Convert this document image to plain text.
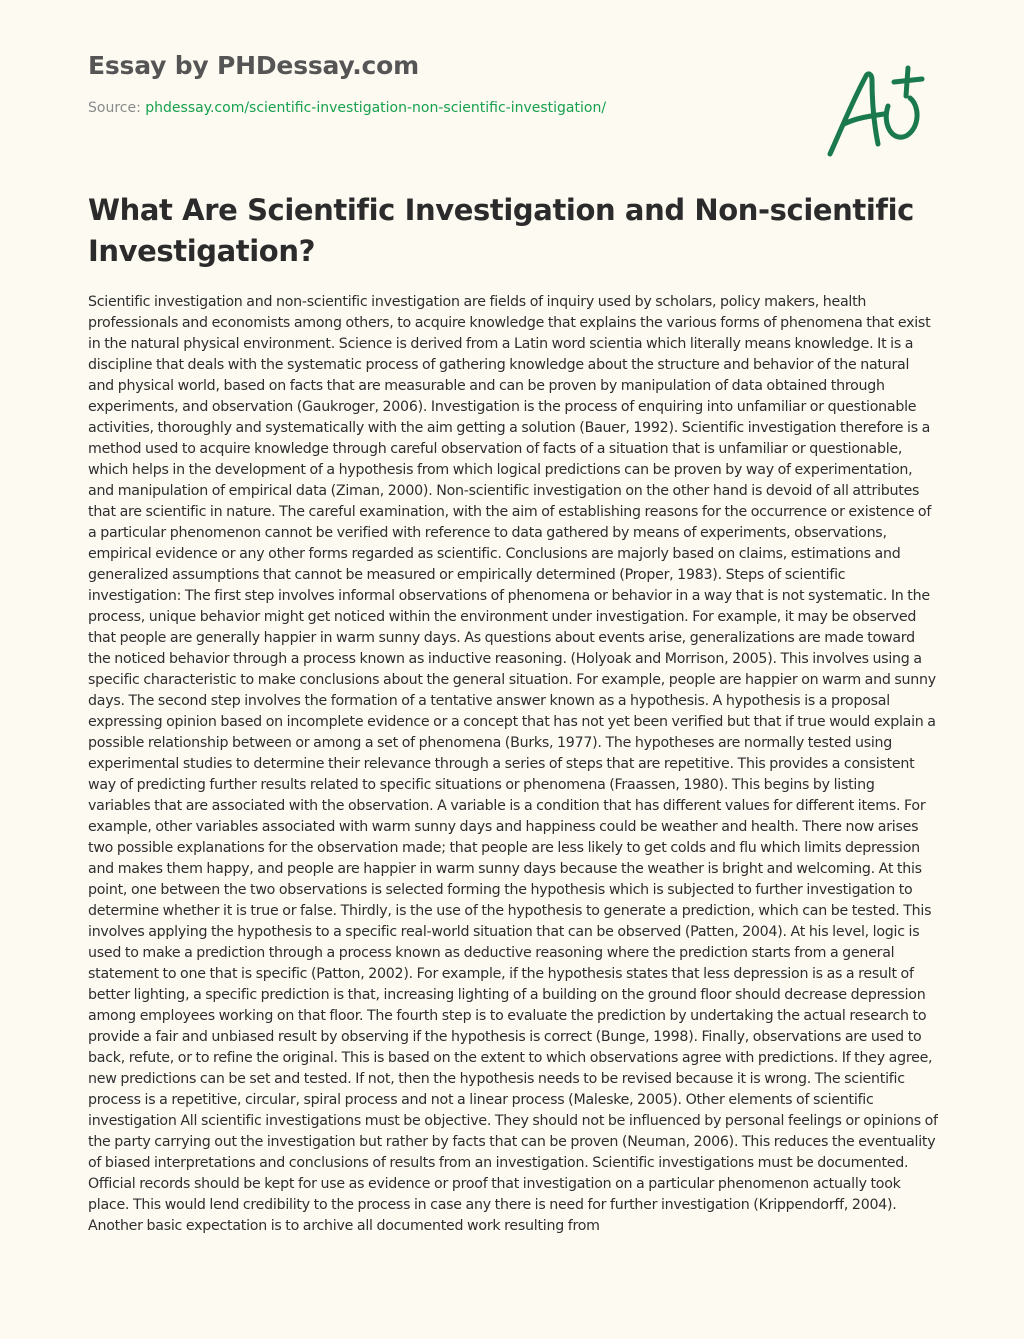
Essay by PHDessay.com
Source: phdessay.com/scientific-investigation-non-scientific-investigation/
What Are Scientific Investigation and Non-scientific Investigation?

Scientific investigation and non-scientific investigation are fields of inquiry used by scholars, policy makers, health professionals and economists among others, to acquire knowledge that explains the various forms of phenomena that exist in the natural physical environment. Science is derived from a Latin word scientia which literally means knowledge. It is a discipline that deals with the systematic process of gathering knowledge about the structure and behavior of the natural and physical world, based on facts that are measurable and can be proven by manipulation of data obtained through experiments, and observation (Gaukroger, 2006). Investigation is the process of enquiring into unfamiliar or questionable activities, thoroughly and systematically with the aim getting a solution (Bauer, 1992). Scientific investigation therefore is a method used to acquire knowledge through careful observation of facts of a situation that is unfamiliar or questionable, which helps in the development of a hypothesis from which logical predictions can be proven by way of experimentation, and manipulation of empirical data (Ziman, 2000). Non-scientific investigation on the other hand is devoid of all attributes that are scientific in nature. The careful examination, with the aim of establishing reasons for the occurrence or existence of a particular phenomenon cannot be verified with reference to data gathered by means of experiments, observations, empirical evidence or any other forms regarded as scientific. Conclusions are majorly based on claims, estimations and generalized assumptions that cannot be measured or empirically determined (Proper, 1983). Steps of scientific investigation: The first step involves informal observations of phenomena or behavior in a way that is not systematic. In the process, unique behavior might get noticed within the environment under investigation. For example, it may be observed that people are generally happier in warm sunny days. As questions about events arise, generalizations are made toward the noticed behavior through a process known as inductive reasoning. (Holyoak and Morrison, 2005). This involves using a specific characteristic to make conclusions about the general situation. For example, people are happier on warm and sunny days. The second step involves the formation of a tentative answer known as a hypothesis. A hypothesis is a proposal expressing opinion based on incomplete evidence or a concept that has not yet been verified but that if true would explain a possible relationship between or among a set of phenomena (Burks, 1977). The hypotheses are normally tested using experimental studies to determine their relevance through a series of steps that are repetitive. This provides a consistent way of predicting further results related to specific situations or phenomena (Fraassen, 1980). This begins by listing variables that are associated with the observation. A variable is a condition that has different values for different items. For example, other variables associated with warm sunny days and happiness could be weather and health. There now arises two possible explanations for the observation made; that people are less likely to get colds and flu which limits depression and makes them happy, and people are happier in warm sunny days because the weather is bright and welcoming. At this point, one between the two observations is selected forming the hypothesis which is subjected to further investigation to determine whether it is true or false. Thirdly, is the use of the hypothesis to generate a prediction, which can be tested. This involves applying the hypothesis to a specific real-world situation that can be observed (Patten, 2004). At his level, logic is used to make a prediction through a process known as deductive reasoning where the prediction starts from a general statement to one that is specific (Patton, 2002). For example, if the hypothesis states that less depression is as a result of better lighting, a specific prediction is that, increasing lighting of a building on the ground floor should decrease depression among employees working on that floor. The fourth step is to evaluate the prediction by undertaking the actual research to provide a fair and unbiased result by observing if the hypothesis is correct (Bunge, 1998). Finally, observations are used to back, refute, or to refine the original. This is based on the extent to which observations agree with predictions. If they agree, new predictions can be set and tested. If not, then the hypothesis needs to be revised because it is wrong. The scientific process is a repetitive, circular, spiral process and not a linear process (Maleske, 2005). Other elements of scientific investigation All scientific investigations must be objective. They should not be influenced by personal feelings or opinions of the party carrying out the investigation but rather by facts that can be proven (Neuman, 2006). This reduces the eventuality of biased interpretations and conclusions of results from an investigation. Scientific investigations must be documented. Official records should be kept for use as evidence or proof that investigation on a particular phenomenon actually took place. This would lend credibility to the process in case any there is need for further investigation (Krippendorff, 2004). Another basic expectation is to archive all documented work resulting from
